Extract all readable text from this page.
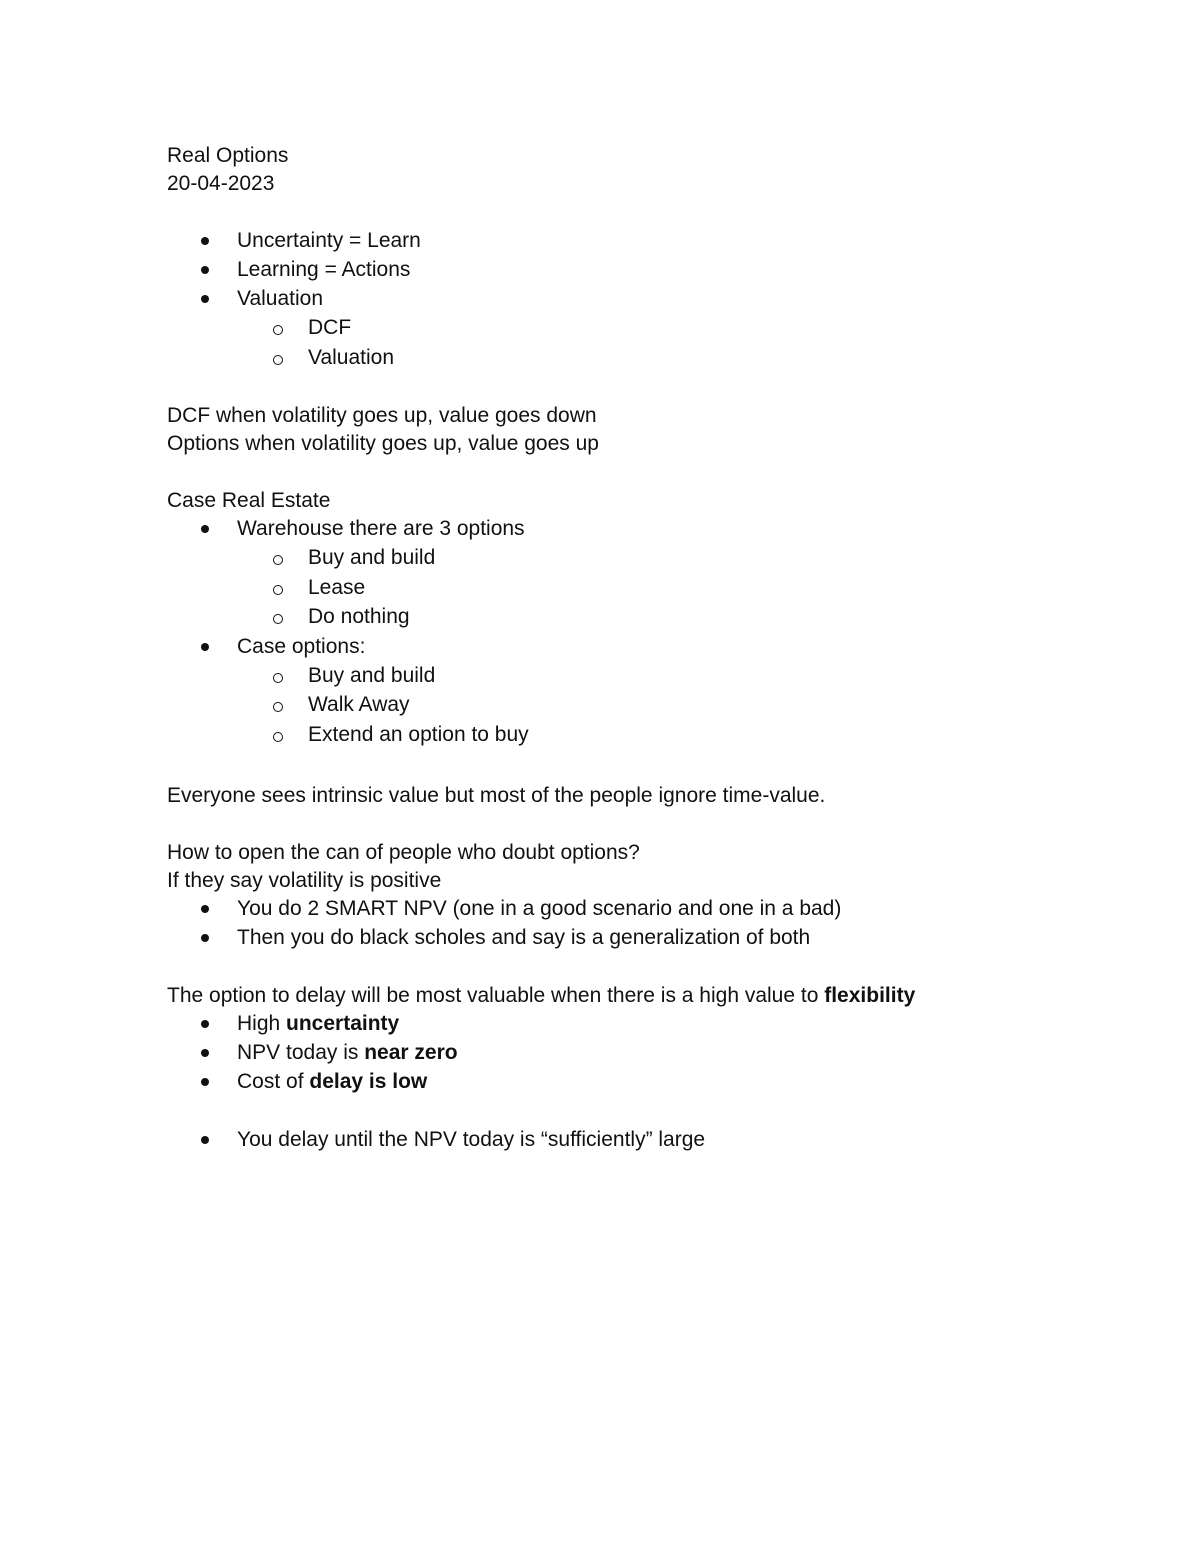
Real Options
20-04-2023
Uncertainty = Learn
Learning = Actions
Valuation
DCF
Valuation
DCF when volatility goes up, value goes down
Options when volatility goes up, value goes up
Case Real Estate
Warehouse there are 3 options
Buy and build
Lease
Do nothing
Case options:
Buy and build
Walk Away
Extend an option to buy
Everyone sees intrinsic value but most of the people ignore time-value.
How to open the can of people who doubt options?
If they say volatility is positive
You do 2 SMART NPV (one in a good scenario and one in a bad)
Then you do black scholes and say is a generalization of both
The option to delay will be most valuable when there is a high value to flexibility
High uncertainty
NPV today is near zero
Cost of delay is low
You delay until the NPV today is “sufficiently” large
